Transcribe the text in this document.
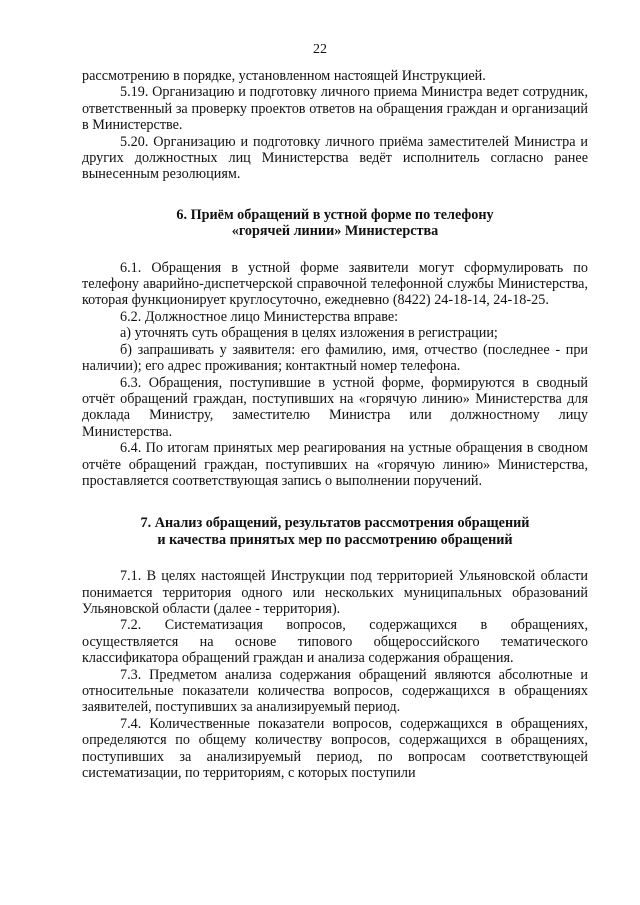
22

рассмотрению в порядке, установленном настоящей Инструкцией.

5.19. Организацию и подготовку личного приема Министра ведет сотрудник, ответственный за проверку проектов ответов на обращения граждан и организаций в Министерстве.

5.20. Организацию и подготовку личного приёма заместителей Министра и других должностных лиц Министерства ведёт исполнитель согласно ранее вынесенным резолюциям.

6. Приём обращений в устной форме по телефону
«горячей линии» Министерства

6.1. Обращения в устной форме заявители могут сформулировать по телефону аварийно-диспетчерской справочной телефонной службы Министерства, которая функционирует круглосуточно, ежедневно (8422) 24-18-14, 24-18-25.

6.2. Должностное лицо Министерства вправе:

а) уточнять суть обращения в целях изложения в регистрации;

б) запрашивать у заявителя: его фамилию, имя, отчество (последнее - при наличии); его адрес проживания; контактный номер телефона.

6.3. Обращения, поступившие в устной форме, формируются в сводный отчёт обращений граждан, поступивших на «горячую линию» Министерства для доклада Министру, заместителю Министра или должностному лицу Министерства.

6.4. По итогам принятых мер реагирования на устные обращения в сводном отчёте обращений граждан, поступивших на «горячую линию» Министерства, проставляется соответствующая запись о выполнении поручений.

7. Анализ обращений, результатов рассмотрения обращений
и качества принятых мер по рассмотрению обращений

7.1. В целях настоящей Инструкции под территорией Ульяновской области понимается территория одного или нескольких муниципальных образований Ульяновской области (далее - территория).

7.2. Систематизация вопросов, содержащихся в обращениях, осуществляется на основе типового общероссийского тематического классификатора обращений граждан и анализа содержания обращения.

7.3. Предметом анализа содержания обращений являются абсолютные и относительные показатели количества вопросов, содержащихся в обращениях заявителей, поступивших за анализируемый период.

7.4. Количественные показатели вопросов, содержащихся в обращениях, определяются по общему количеству вопросов, содержащихся в обращениях, поступивших за анализируемый период, по вопросам соответствующей систематизации, по территориям, с которых поступили
